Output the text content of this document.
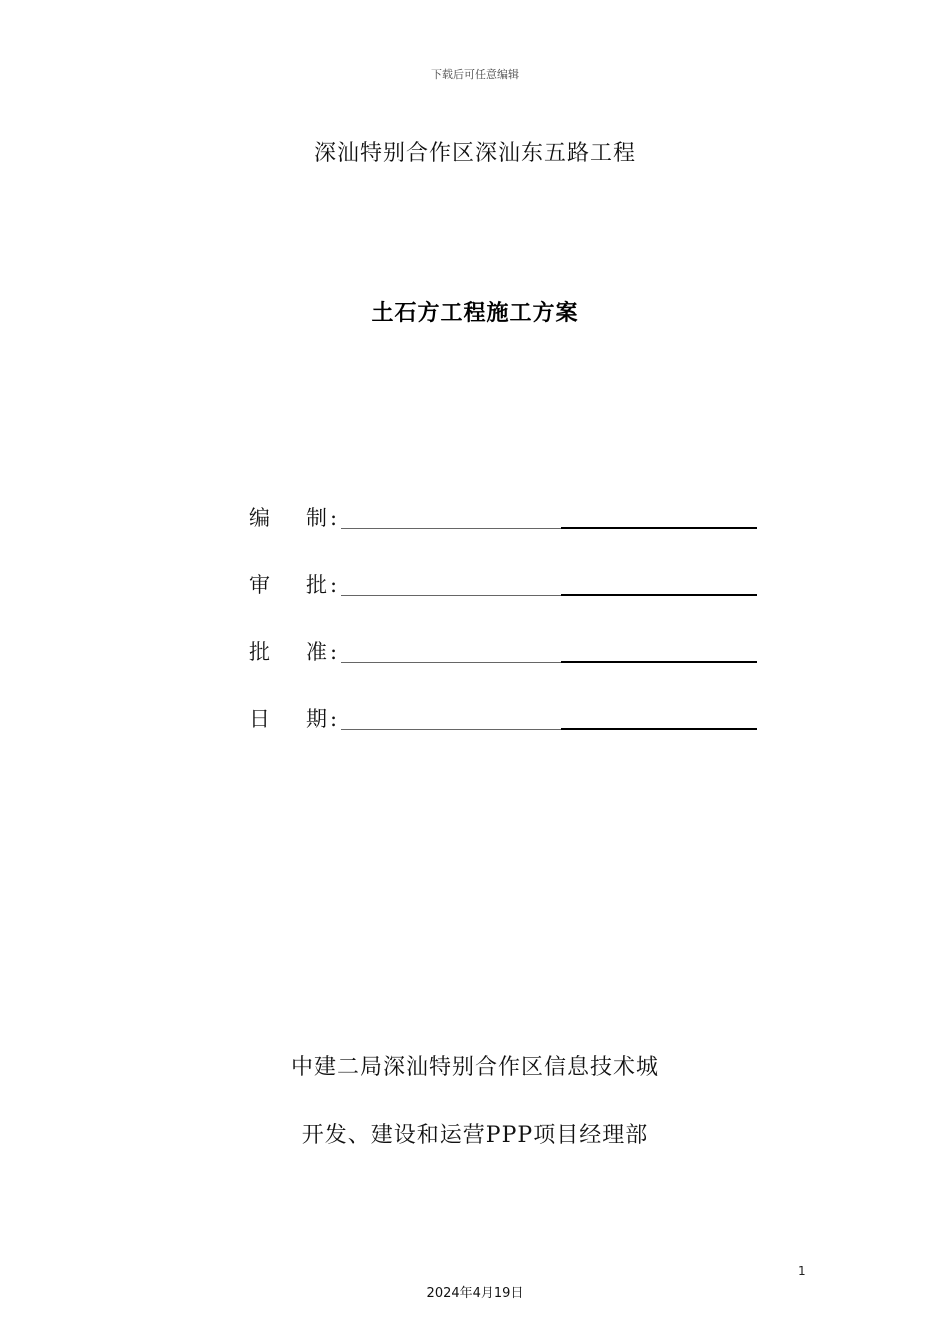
下载后可任意编辑
深汕特别合作区深汕东五路工程
土石方工程施工方案
编 制 :
审 批 :
批 准 :
日 期 :
中建二局深汕特别合作区信息技术城
开发、建设和运营PPP项目经理部
1
2024年4月19日
